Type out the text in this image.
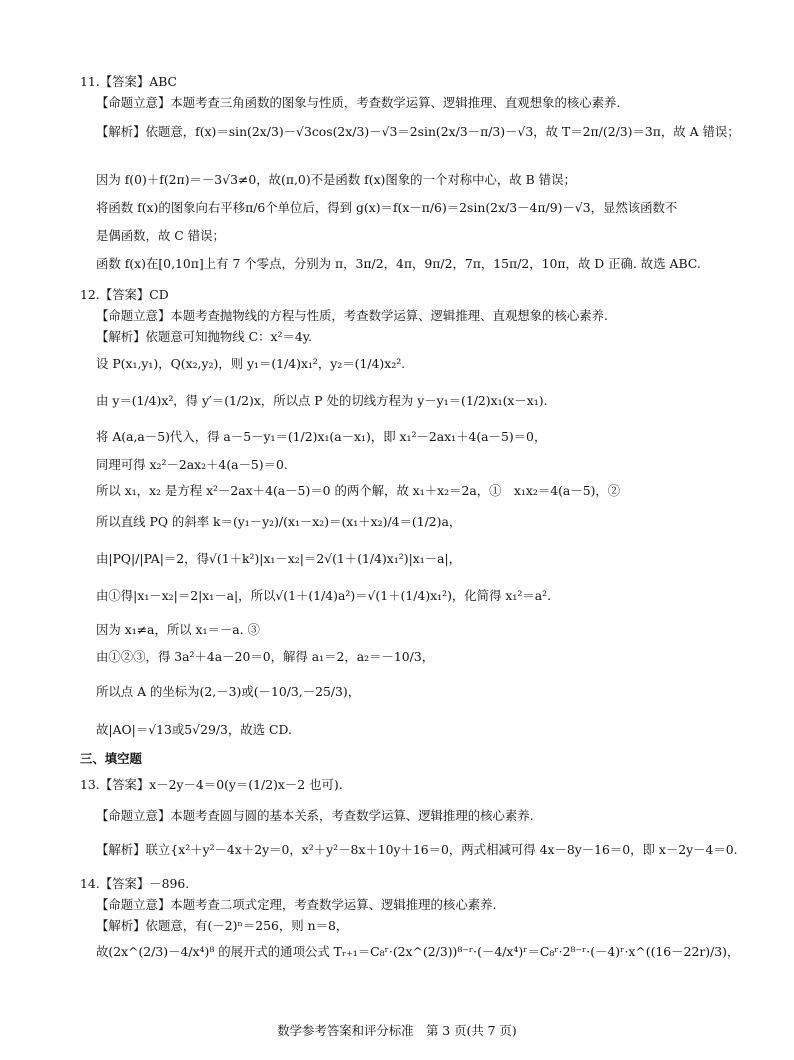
11.【答案】ABC
【命题立意】本题考查三角函数的图象与性质，考查数学运算、逻辑推理、直观想象的核心素养.
【解析】依题意，f(x)＝sin(2x/3)－√3cos(2x/3)－√3＝2sin(2x/3－π/3)－√3，故 T＝2π/(2/3)＝3π，故 A 错误；
因为 f(0)＋f(2π)＝－3√3≠0，故(π,0)不是函数 f(x)图象的一个对称中心，故 B 错误；
将函数 f(x)的图象向右平移π/6个单位后，得到 g(x)＝f(x－π/6)＝2sin(2x/3－4π/9)－√3，显然该函数不
是偶函数，故 C 错误；
函数 f(x)在[0,10π]上有 7 个零点，分别为 π，3π/2，4π，9π/2，7π，15π/2，10π，故 D 正确. 故选 ABC.
12.【答案】CD
【命题立意】本题考查抛物线的方程与性质，考查数学运算、逻辑推理、直观想象的核心素养.
【解析】依题意可知抛物线 C：x²＝4y.
设 P(x₁,y₁)，Q(x₂,y₂)，则 y₁＝(1/4)x₁²，y₂＝(1/4)x₂².
由 y＝(1/4)x²，得 y′＝(1/2)x，所以点 P 处的切线方程为 y－y₁＝(1/2)x₁(x－x₁).
将 A(a,a－5)代入，得 a－5－y₁＝(1/2)x₁(a－x₁)，即 x₁²－2ax₁＋4(a－5)＝0，
同理可得 x₂²－2ax₂＋4(a－5)＝0.
所以 x₁，x₂ 是方程 x²－2ax＋4(a－5)＝0 的两个解，故 x₁＋x₂＝2a，①　x₁x₂＝4(a－5)，②
所以直线 PQ 的斜率 k＝(y₁－y₂)/(x₁－x₂)＝(x₁＋x₂)/4＝(1/2)a，
由|PQ|/|PA|＝2，得√(1＋k²)|x₁－x₂|＝2√(1＋(1/4)x₁²)|x₁－a|，
由①得|x₁－x₂|＝2|x₁－a|，所以√(1＋(1/4)a²)＝√(1＋(1/4)x₁²)，化简得 x₁²＝a².
因为 x₁≠a，所以 x₁＝－a. ③
由①②③，得 3a²＋4a－20＝0，解得 a₁＝2，a₂＝－10/3，
所以点 A 的坐标为(2,－3)或(－10/3,－25/3)，
故|AO|＝√13或5√29/3，故选 CD.
三、填空题
13.【答案】x－2y－4＝0(y＝(1/2)x－2 也可).
【命题立意】本题考查圆与圆的基本关系，考查数学运算、逻辑推理的核心素养.
【解析】联立{x²＋y²－4x＋2y＝0，x²＋y²－8x＋10y＋16＝0，两式相减可得 4x－8y－16＝0，即 x－2y－4＝0.
14.【答案】－896.
【命题立意】本题考查二项式定理，考查数学运算、逻辑推理的核心素养.
【解析】依题意，有(－2)ⁿ＝256，则 n＝8，
故(2x^(2/3)－4/x⁴)⁸ 的展开式的通项公式 Tᵣ₊₁＝C₈ʳ·(2x^(2/3))⁸⁻ʳ·(－4/x⁴)ʳ＝C₈ʳ·2⁸⁻ʳ·(－4)ʳ·x^((16－22r)/3)，
数学参考答案和评分标准　第 3 页(共 7 页)
